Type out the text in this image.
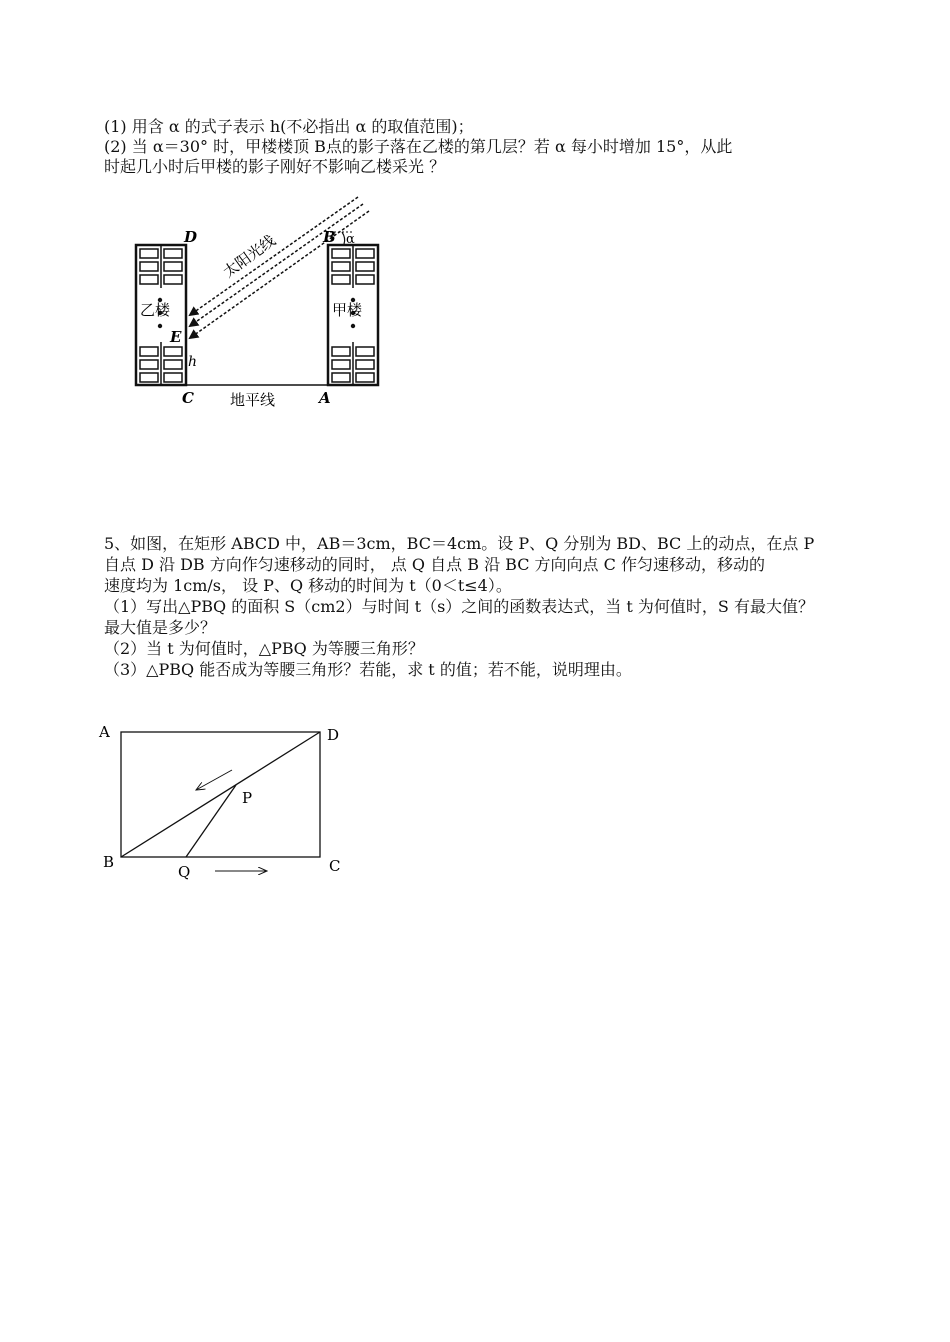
(1) 用含 α 的式子表示 h(不必指出 α 的取值范围)；
(2) 当 α＝30° 时，甲楼楼顶 B点的影子落在乙楼的第几层？若 α 每小时增加 15°，从此
时起几小时后甲楼的影子刚好不影响乙楼采光 ？
乙楼	甲楼
太阳光线
D	B α
E
h
C	A
地平线
5、如图，在矩形 ABCD 中，AB＝3cm，BC＝4cm。设 P、Q 分别为 BD、BC 上的动点，在点 P
自点 D 沿 DB 方向作匀速移动的同时， 点 Q 自点 B 沿 BC 方向向点 C 作匀速移动，移动的
速度均为 1cm/s， 设 P、Q 移动的时间为 t（0＜t≤4）。
（1）写出△PBQ 的面积 S（cm2）与时间 t（s）之间的函数表达式，当 t 为何值时，S 有最大值？
最大值是多少？
（2）当 t 为何值时，△PBQ 为等腰三角形？
（3）△PBQ 能否成为等腰三角形？若能，求 t 的值；若不能，说明理由。
A	D
P
B
Q	C
